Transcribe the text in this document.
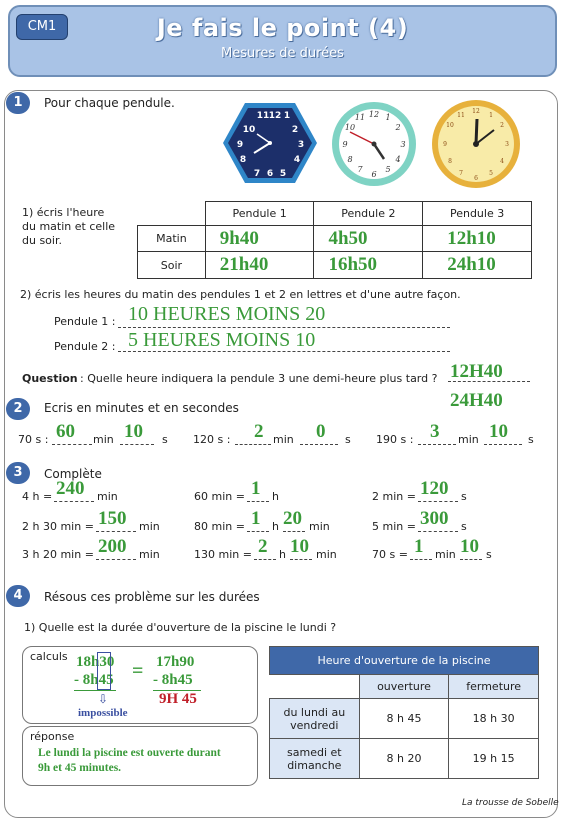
CM1	Je fais le point (4)
Mesures de durées
1	Pour chaque pendule.
11 12 1
10	2
9	3
8	4
7 6 5
12 1
2
3
4
5
6
7
8
9
10
11
12
1
2
3
4
5
6
7
8
9
10
11
1) écris l'heure
du matin et celle
du soir.
	Pendule 1	Pendule 2	Pendule 3
Matin	9h40	4h50	12h10
Soir	21h40	16h50	24h10
2) écris les heures du matin des pendules 1 et 2 en lettres et d'une autre façon.
Pendule 1 : 10 HEURES MOINS 20
Pendule 2 : 5 HEURES MOINS 10
Question : Quelle heure indiquera la pendule 3 une demi-heure plus tard ? 12H40
24H40
2	Ecris en minutes et en secondes
70 s : 60 min 10 s 120 s : 2 min 0 s 190 s : 3 min 10 s
3	Complète
4 h = 240 min	60 min = 1 h	2 min = 120 s
2 h 30 min = 150 min	80 min = 1 h 20 min	5 min = 300 s
3 h 20 min = 200 min	130 min = 2 h 10 min	70 s = 1 min 10 s
4	Résous ces problème sur les durées
1) Quelle est la durée d'ouverture de la piscine le lundi ?
calculs 18h30
- 8h45
⇩
impossible
= 17h90
- 8h45
9H 45
réponse
Le lundi la piscine est ouverte durant
9h et 45 minutes.
Heure d'ouverture de la piscine		
	ouverture	fermeture

du lundi au
vendredi	8 h 45	18 h 30

samedi et
dimanche	8 h 20	19 h 15
La trousse de Sobelle
